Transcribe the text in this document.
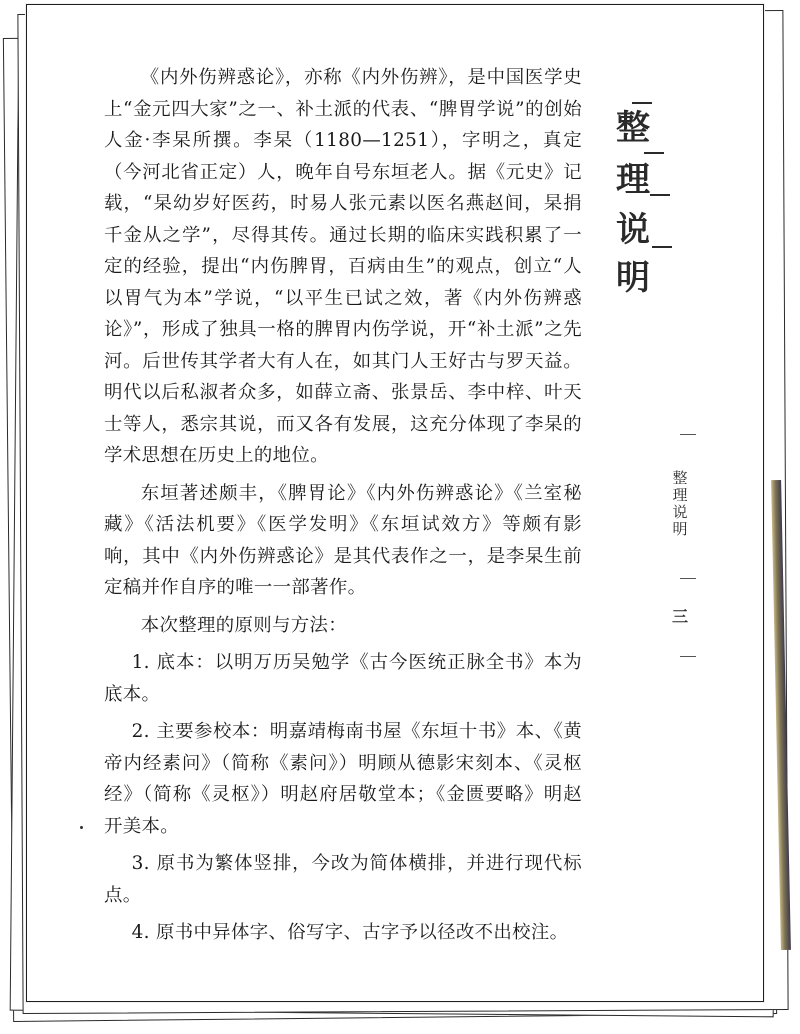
《内外伤辨惑论》，亦称《内外伤辨》，是中国医学史上“金元四大家”之一、补土派的代表、“脾胃学说”的创始人金·李杲所撰。李杲（1180—1251），字明之，真定（今河北省正定）人，晚年自号东垣老人。据《元史》记载，“杲幼岁好医药，时易人张元素以医名燕赵间，杲捐千金从之学”，尽得其传。通过长期的临床实践积累了一定的经验，提出“内伤脾胃，百病由生”的观点，创立“人以胃气为本”学说，“以平生已试之效，著《内外伤辨惑论》”，形成了独具一格的脾胃内伤学说，开“补土派”之先河。后世传其学者大有人在，如其门人王好古与罗天益。明代以后私淑者众多，如薛立斋、张景岳、李中梓、叶天士等人，悉宗其说，而又各有发展，这充分体现了李杲的学术思想在历史上的地位。

东垣著述颇丰，《脾胃论》《内外伤辨惑论》《兰室秘藏》《活法机要》《医学发明》《东垣试效方》等颇有影响，其中《内外伤辨惑论》是其代表作之一，是李杲生前定稿并作自序的唯一一部著作。

本次整理的原则与方法：

1. 底本：以明万历吴勉学《古今医统正脉全书》本为底本。

2. 主要参校本：明嘉靖梅南书屋《东垣十书》本、《黄帝内经素问》（简称《素问》）明顾从德影宋刻本、《灵枢经》（简称《灵枢》）明赵府居敬堂本；《金匮要略》明赵开美本。

3. 原书为繁体竖排，今改为简体横排，并进行现代标点。

4. 原书中异体字、俗写字、古字予以径改不出校注。

整
理
说
明
整理说明
三
